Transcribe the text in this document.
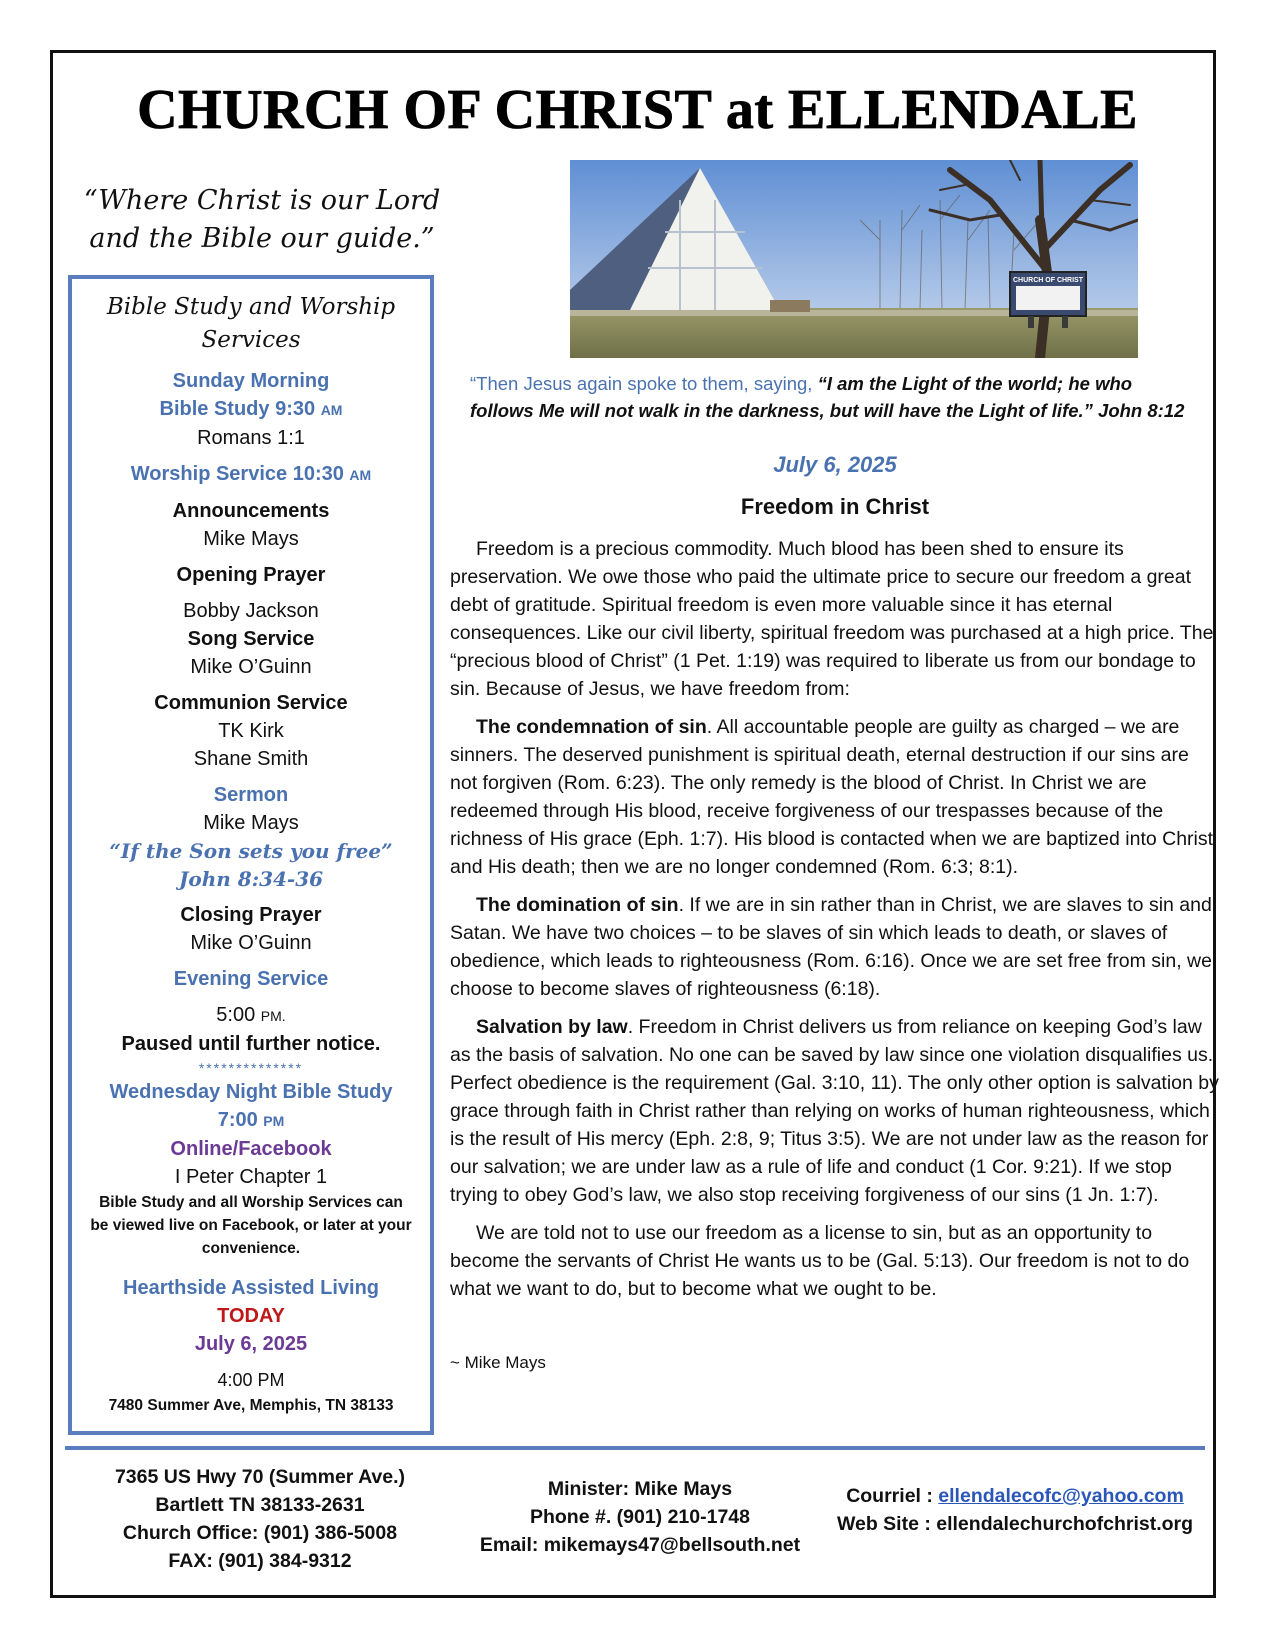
CHURCH OF CHRIST at ELLENDALE
“Where Christ is our Lord and the Bible our guide.”
Bible Study and Worship Services
Sunday Morning
Bible Study 9:30 AM
Romans 1:1
Worship Service 10:30 AM
Announcements
Mike Mays
Opening Prayer
Bobby Jackson
Song Service
Mike O’Guinn
Communion Service
TK Kirk
Shane Smith
Sermon
Mike Mays
“If the Son sets you free”
John 8:34-36
Closing Prayer
Mike O’Guinn
Evening Service
5:00 PM.
Paused until further notice.
**************
Wednesday Night Bible Study
7:00 PM
Online/Facebook
I Peter Chapter 1
Bible Study and all Worship Services can be viewed live on Facebook, or later at your convenience.
Hearthside Assisted Living
TODAY
July 6, 2025
4:00 PM
7480 Summer Ave, Memphis, TN 38133
CHURCH OF CHRIST
“Then Jesus again spoke to them, saying, “I am the Light of the world; he who follows Me will not walk in the darkness, but will have the Light of life.” John 8:12
July 6, 2025
Freedom in Christ

Freedom is a precious commodity. Much blood has been shed to ensure its preservation. We owe those who paid the ultimate price to secure our freedom a great debt of gratitude. Spiritual freedom is even more valuable since it has eternal consequences. Like our civil liberty, spiritual freedom was purchased at a high price. The “precious blood of Christ” (1 Pet. 1:19) was required to liberate us from our bondage to sin. Because of Jesus, we have freedom from:

The condemnation of sin. All accountable people are guilty as charged – we are sinners. The deserved punishment is spiritual death, eternal destruction if our sins are not forgiven (Rom. 6:23). The only remedy is the blood of Christ. In Christ we are redeemed through His blood, receive forgiveness of our trespasses because of the richness of His grace (Eph. 1:7). His blood is contacted when we are baptized into Christ and His death; then we are no longer condemned (Rom. 6:3; 8:1).

The domination of sin. If we are in sin rather than in Christ, we are slaves to sin and Satan. We have two choices – to be slaves of sin which leads to death, or slaves of obedience, which leads to righteousness (Rom. 6:16). Once we are set free from sin, we choose to become slaves of righteousness (6:18).

Salvation by law. Freedom in Christ delivers us from reliance on keeping God’s law as the basis of salvation. No one can be saved by law since one violation disqualifies us. Perfect obedience is the requirement (Gal. 3:10, 11). The only other option is salvation by grace through faith in Christ rather than relying on works of human righteousness, which is the result of His mercy (Eph. 2:8, 9; Titus 3:5). We are not under law as the reason for our salvation; we are under law as a rule of life and conduct (1 Cor. 9:21). If we stop trying to obey God’s law, we also stop receiving forgiveness of our sins (1 Jn. 1:7).

We are told not to use our freedom as a license to sin, but as an opportunity to become the servants of Christ He wants us to be (Gal. 5:13). Our freedom is not to do what we want to do, but to become what we ought to be.

~ Mike Mays
7365 US Hwy 70 (Summer Ave.)
Bartlett TN 38133-2631
Church Office: (901) 386-5008
FAX: (901) 384-9312
Minister: Mike Mays
Phone #. (901) 210-1748
Email: mikemays47@bellsouth.net
Courriel : ellendalecofc@yahoo.com
Web Site : ellendalechurchofchrist.org
